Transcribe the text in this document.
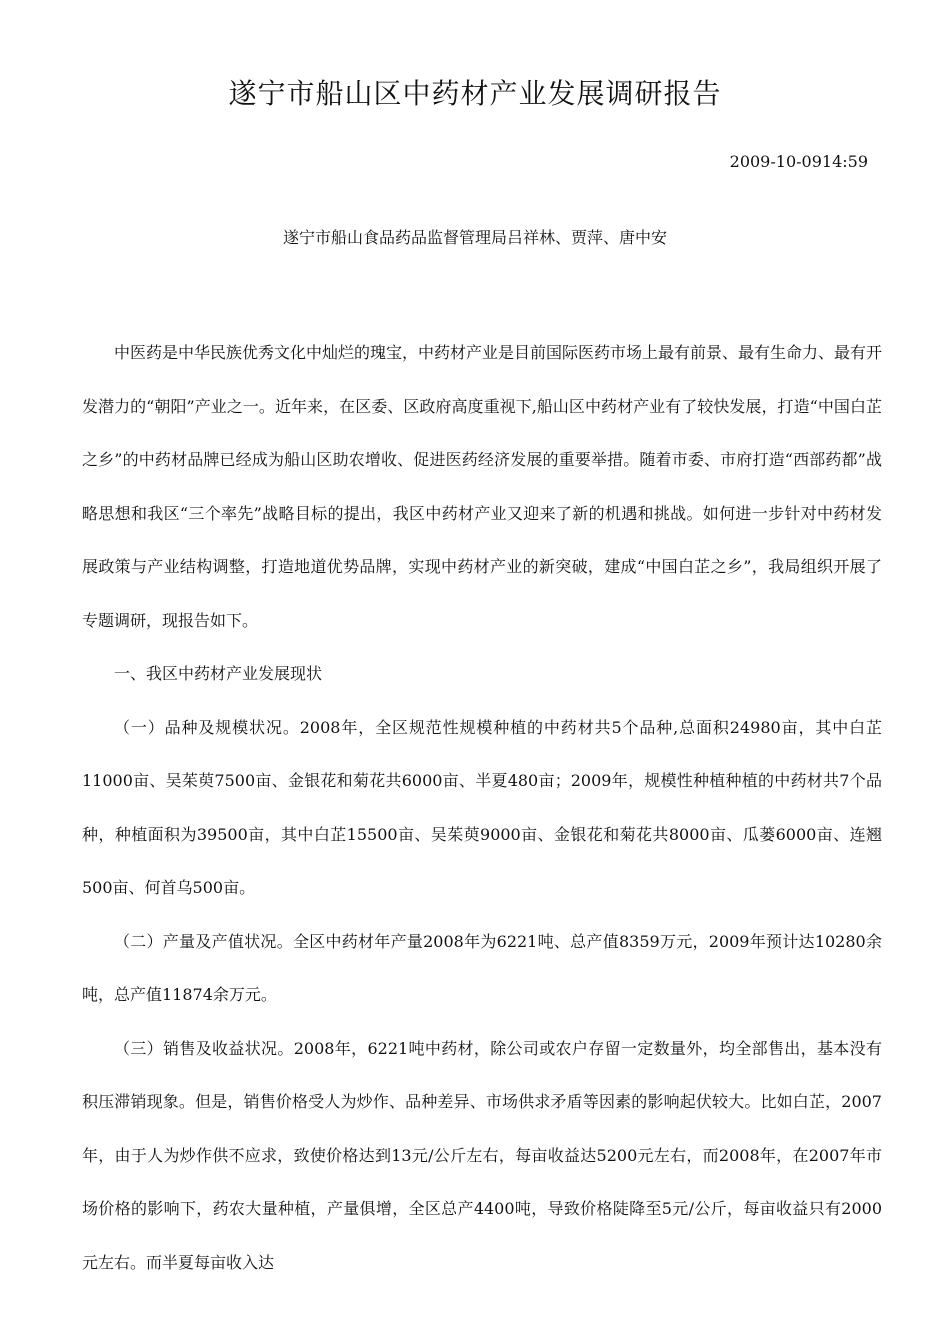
遂宁市船山区中药材产业发展调研报告
2009-10-0914:59
遂宁市船山食品药品监督管理局吕祥林、贾萍、唐中安

中医药是中华民族优秀文化中灿烂的瑰宝，中药材产业是目前国际医药市场上最有前景、最有生命力、最有开发潜力的“朝阳”产业之一。近年来，在区委、区政府高度重视下,船山区中药材产业有了较快发展，打造“中国白芷之乡”的中药材品牌已经成为船山区助农增收、促进医药经济发展的重要举措。随着市委、市府打造“西部药都”战略思想和我区“三个率先”战略目标的提出，我区中药材产业又迎来了新的机遇和挑战。如何进一步针对中药材发展政策与产业结构调整，打造地道优势品牌，实现中药材产业的新突破，建成“中国白芷之乡”，我局组织开展了专题调研，现报告如下。

一、我区中药材产业发展现状

（一）品种及规模状况。2008年，全区规范性规模种植的中药材共5个品种,总面积24980亩，其中白芷11000亩、吴茱萸7500亩、金银花和菊花共6000亩、半夏480亩；2009年，规模性种植种植的中药材共7个品种，种植面积为39500亩，其中白芷15500亩、吴茱萸9000亩、金银花和菊花共8000亩、瓜蒌6000亩、连翘500亩、何首乌500亩。

（二）产量及产值状况。全区中药材年产量2008年为6221吨、总产值8359万元，2009年预计达10280余吨，总产值11874余万元。

（三）销售及收益状况。2008年，6221吨中药材，除公司或农户存留一定数量外，均全部售出，基本没有积压滞销现象。但是，销售价格受人为炒作、品种差异、市场供求矛盾等因素的影响起伏较大。比如白芷，2007年，由于人为炒作供不应求，致使价格达到13元/公斤左右，每亩收益达5200元左右，而2008年，在2007年市场价格的影响下，药农大量种植，产量俱增，全区总产4400吨，导致价格陡降至5元/公斤，每亩收益只有2000元左右。而半夏每亩收入达
